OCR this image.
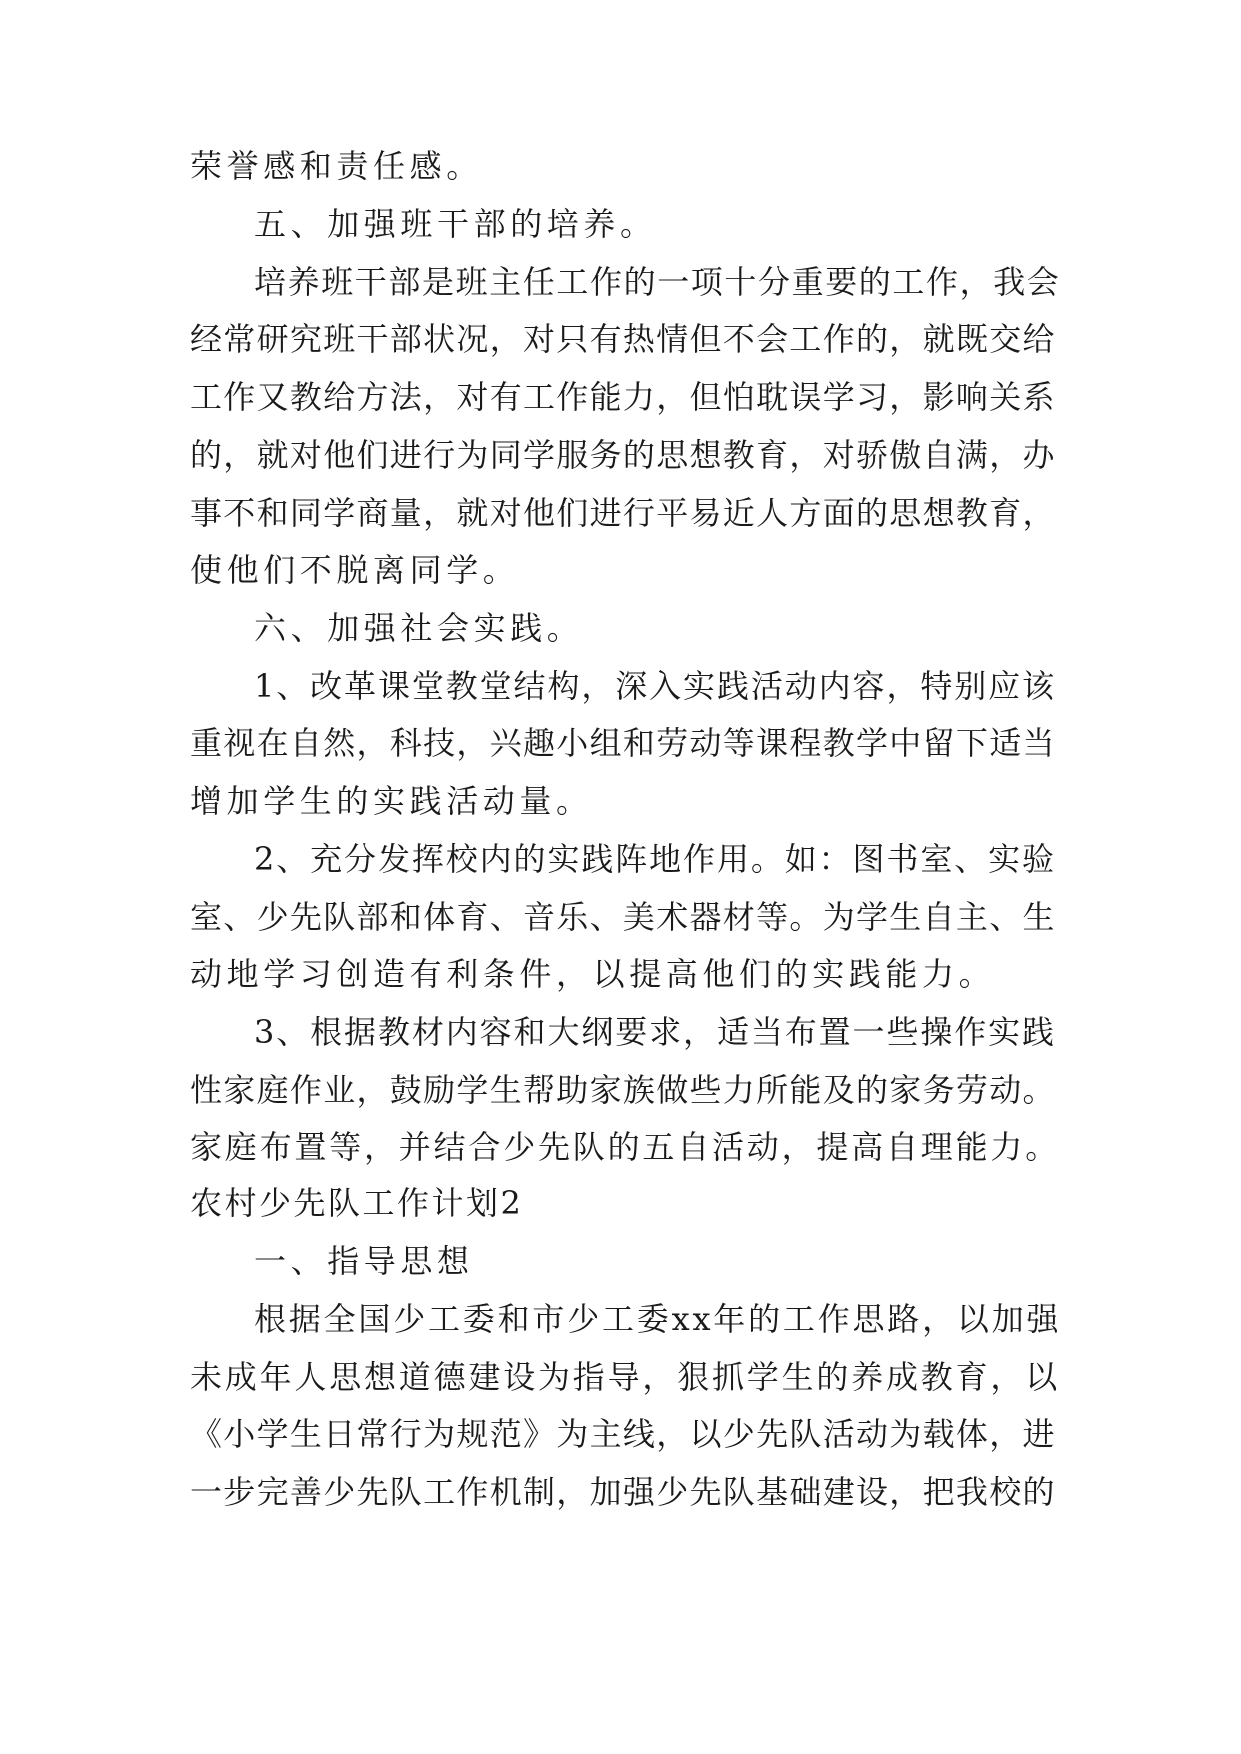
荣誉感和责任感。
五、加强班干部的培养。
培养班干部是班主任工作的一项十分重要的工作，我会
经常研究班干部状况，对只有热情但不会工作的，就既交给
工作又教给方法，对有工作能力，但怕耽误学习，影响关系
的，就对他们进行为同学服务的思想教育，对骄傲自满，办
事不和同学商量，就对他们进行平易近人方面的思想教育，
使他们不脱离同学。
六、加强社会实践。
1、改革课堂教堂结构，深入实践活动内容，特别应该
重视在自然，科技，兴趣小组和劳动等课程教学中留下适当
增加学生的实践活动量。
2、充分发挥校内的实践阵地作用。如：图书室、实验
室、少先队部和体育、音乐、美术器材等。为学生自主、生
动地学习创造有利条件，以提高他们的实践能力。
3、根据教材内容和大纲要求，适当布置一些操作实践
性家庭作业，鼓励学生帮助家族做些力所能及的家务劳动。
家庭布置等，并结合少先队的五自活动，提高自理能力。
农村少先队工作计划2
一、指导思想
根据全国少工委和市少工委xx年的工作思路，以加强
未成年人思想道德建设为指导，狠抓学生的养成教育，以
《小学生日常行为规范》为主线，以少先队活动为载体，进
一步完善少先队工作机制，加强少先队基础建设，把我校的
